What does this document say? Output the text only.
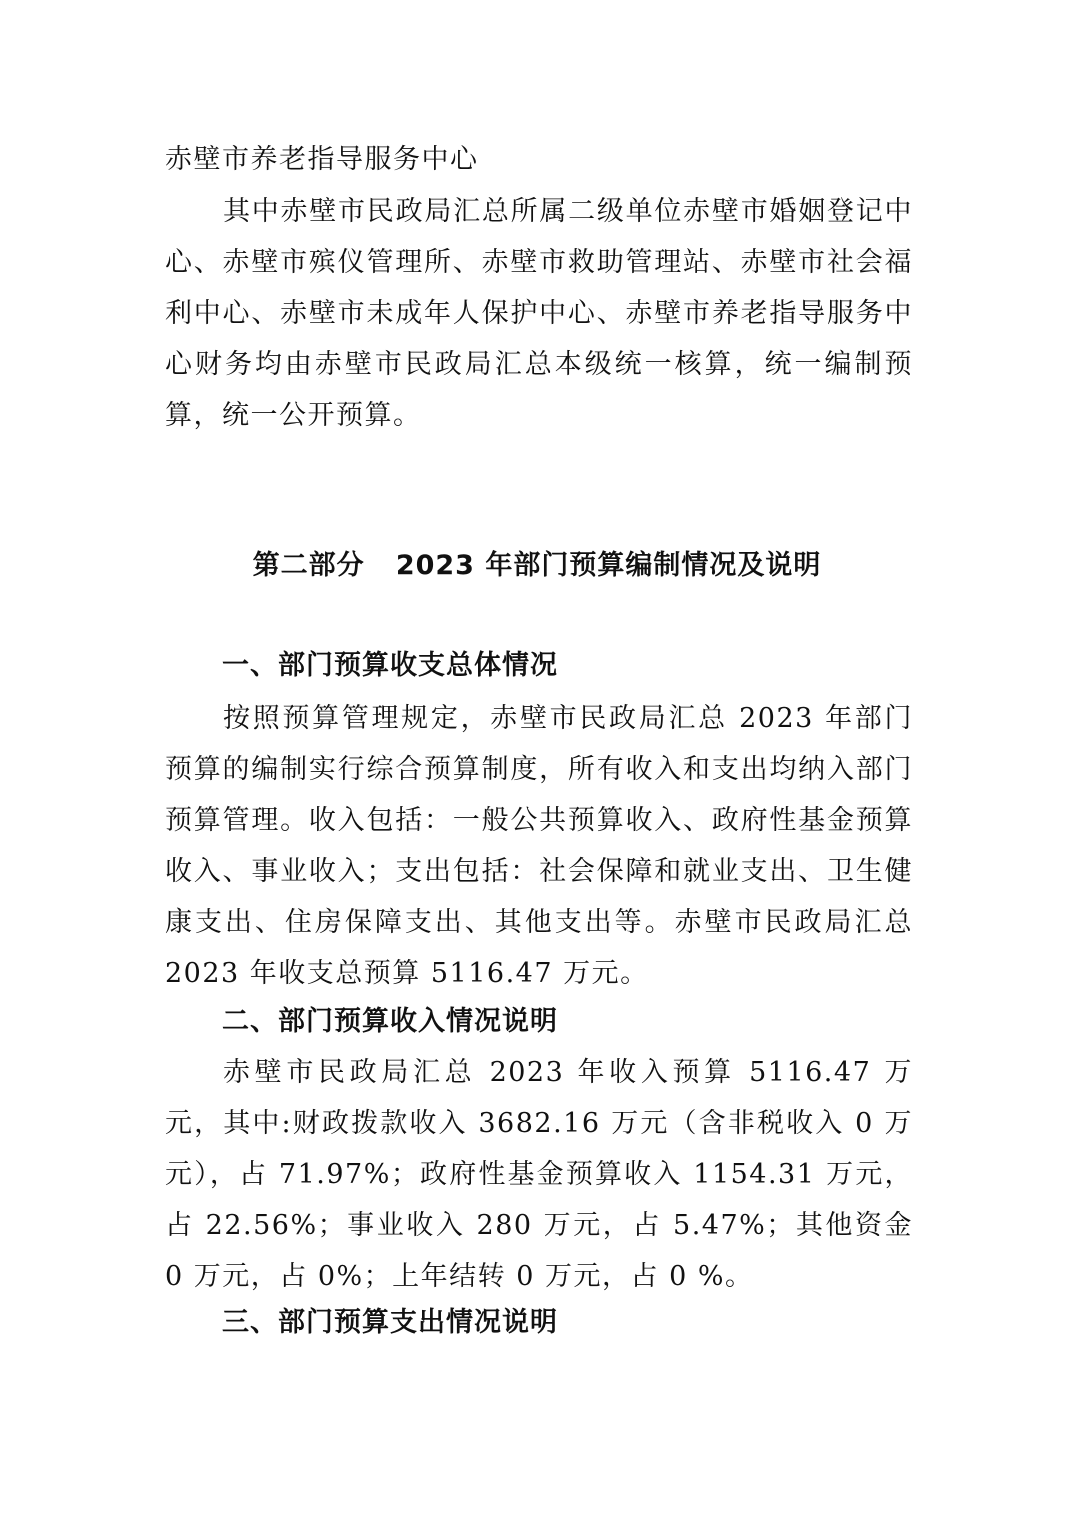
赤壁市养老指导服务中心

其中赤壁市民政局汇总所属二级单位赤壁市婚姻登记中心、赤壁市殡仪管理所、赤壁市救助管理站、赤壁市社会福利中心、赤壁市未成年人保护中心、赤壁市养老指导服务中心财务均由赤壁市民政局汇总本级统一核算，统一编制预算，统一公开预算。

第二部分   2023 年部门预算编制情况及说明
一、部门预算收支总体情况

按照预算管理规定，赤壁市民政局汇总 2023 年部门预算的编制实行综合预算制度，所有收入和支出均纳入部门预算管理。收入包括：一般公共预算收入、政府性基金预算收入、事业收入；支出包括：社会保障和就业支出、卫生健康支出、住房保障支出、其他支出等。赤壁市民政局汇总 2023 年收支总预算 5116.47 万元。

二、部门预算收入情况说明

赤壁市民政局汇总 2023 年收入预算 5116.47 万元，其中:财政拨款收入 3682.16 万元（含非税收入 0 万元），占 71.97%；政府性基金预算收入 1154.31 万元，占 22.56%；事业收入 280 万元，占 5.47%；其他资金 0 万元，占 0%；上年结转 0 万元，占 0 %。

三、部门预算支出情况说明
